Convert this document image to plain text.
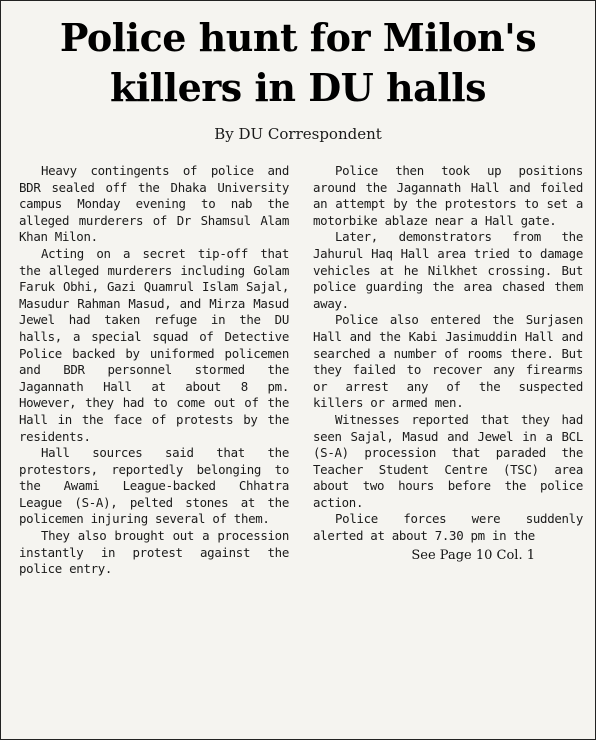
Police hunt for Milon's
killers in DU halls
By DU Correspondent

Heavy contingents of police and BDR sealed off the Dhaka University campus Monday evening to nab the alleged murderers of Dr Shamsul Alam Khan Milon.

Acting on a secret tip-off that the alleged murderers including Golam Faruk Obhi, Gazi Quamrul Islam Sajal, Masudur Rahman Masud, and Mirza Masud Jewel had taken refuge in the DU halls, a special squad of Detective Police backed by uniformed policemen and BDR personnel stormed the Jagannath Hall at about 8 pm. However, they had to come out of the Hall in the face of protests by the residents.

Hall sources said that the protestors, reportedly belonging to the Awami League-backed Chhatra League (S-A), pelted stones at the policemen injuring several of them.

They also brought out a procession instantly in protest against the police entry.

Police then took up positions around the Jagannath Hall and foiled an attempt by the protestors to set a motorbike ablaze near a Hall gate.

Later, demonstrators from the Jahurul Haq Hall area tried to damage vehicles at he Nilkhet crossing. But police guarding the area chased them away.

Police also entered the Surjasen Hall and the Kabi Jasimuddin Hall and searched a number of rooms there. But they failed to recover any firearms or arrest any of the suspected killers or armed men.

Witnesses reported that they had seen Sajal, Masud and Jewel in a BCL (S-A) procession that paraded the Teacher Student Centre (TSC) area about two hours before the police action.

Police forces were suddenly alerted at about 7.30 pm in the

See Page 10 Col. 1
